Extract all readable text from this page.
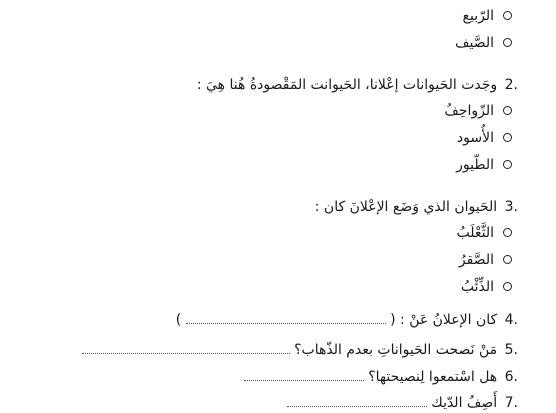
الرّبيع
الصَّيف
2. وجَدت الحَيوانات إعْلانا، الحَيوانت المَقْصودةُ هُنا هِيَ :
الزّواحِفُ
الأُسود
الطّيور
3. الحَيوان الذي وَضَع الإعْلانَ كان :
الثَّعْلَبُ
الصَّقرُ
الذِّئْبُ
4. كان الإعلانُ عَنْ : (  )
5. مَنْ نَصحت الحَيواناتِ بعدم الذّهاب؟
6. هل اسْتمعوا لِنصيحتها؟
7. أَصِفُ الدّيك
